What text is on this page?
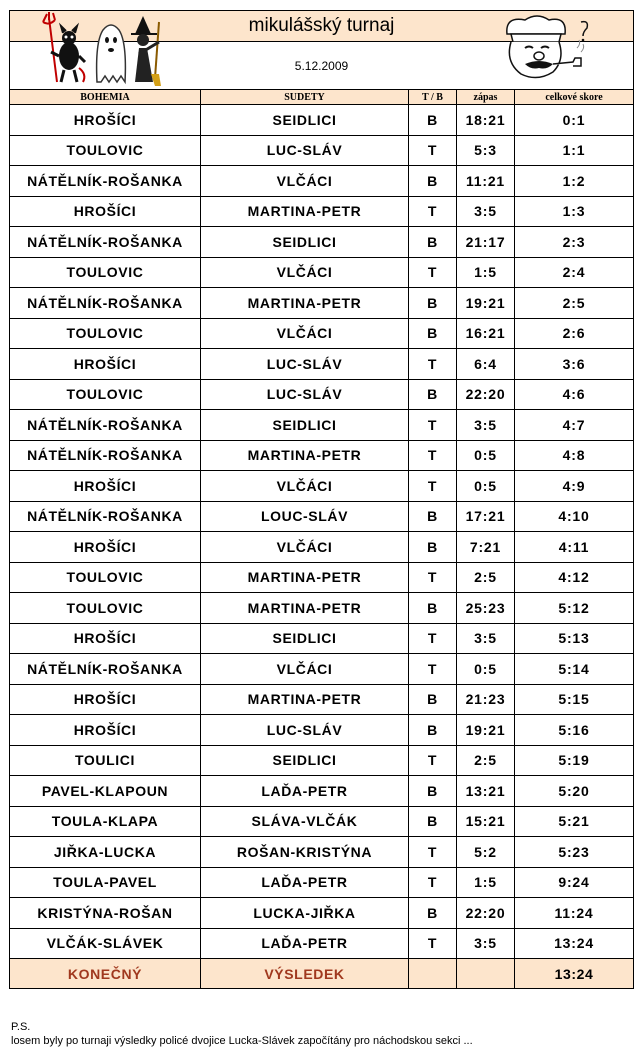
mikulášský turnaj				
5.12.2009				
BOHEMIA	SUDETY	T / B	zápas	celkové skore
HROŠÍCI	SEIDLICI	B	18:21	0:1
TOULOVIC	LUC-SLÁV	T	5:3	1:1
NÁTĚLNÍK-ROŠANKA	VLČÁCI	B	11:21	1:2
HROŠÍCI	MARTINA-PETR	T	3:5	1:3
NÁTĚLNÍK-ROŠANKA	SEIDLICI	B	21:17	2:3
TOULOVIC	VLČÁCI	T	1:5	2:4
NÁTĚLNÍK-ROŠANKA	MARTINA-PETR	B	19:21	2:5
TOULOVIC	VLČÁCI	B	16:21	2:6
HROŠÍCI	LUC-SLÁV	T	6:4	3:6
TOULOVIC	LUC-SLÁV	B	22:20	4:6
NÁTĚLNÍK-ROŠANKA	SEIDLICI	T	3:5	4:7
NÁTĚLNÍK-ROŠANKA	MARTINA-PETR	T	0:5	4:8
HROŠÍCI	VLČÁCI	T	0:5	4:9
NÁTĚLNÍK-ROŠANKA	LOUC-SLÁV	B	17:21	4:10
HROŠÍCI	VLČÁCI	B	7:21	4:11
TOULOVIC	MARTINA-PETR	T	2:5	4:12
TOULOVIC	MARTINA-PETR	B	25:23	5:12
HROŠÍCI	SEIDLICI	T	3:5	5:13
NÁTĚLNÍK-ROŠANKA	VLČÁCI	T	0:5	5:14
HROŠÍCI	MARTINA-PETR	B	21:23	5:15
HROŠÍCI	LUC-SLÁV	B	19:21	5:16
TOULICI	SEIDLICI	T	2:5	5:19
PAVEL-KLAPOUN	LAĎA-PETR	B	13:21	5:20
TOULA-KLAPA	SLÁVA-VLČÁK	B	15:21	5:21
JIŘKA-LUCKA	ROŠAN-KRISTÝNA	T	5:2	5:23
TOULA-PAVEL	LAĎA-PETR	T	1:5	9:24
KRISTÝNA-ROŠAN	LUCKA-JIŘKA	B	22:20	11:24
VLČÁK-SLÁVEK	LAĎA-PETR	T	3:5	13:24
KONEČNÝ	VÝSLEDEK			13:24
P.S.
losem byly po turnaji výsledky policé dvojice Lucka-Slávek započítány pro náchodskou sekci ...
